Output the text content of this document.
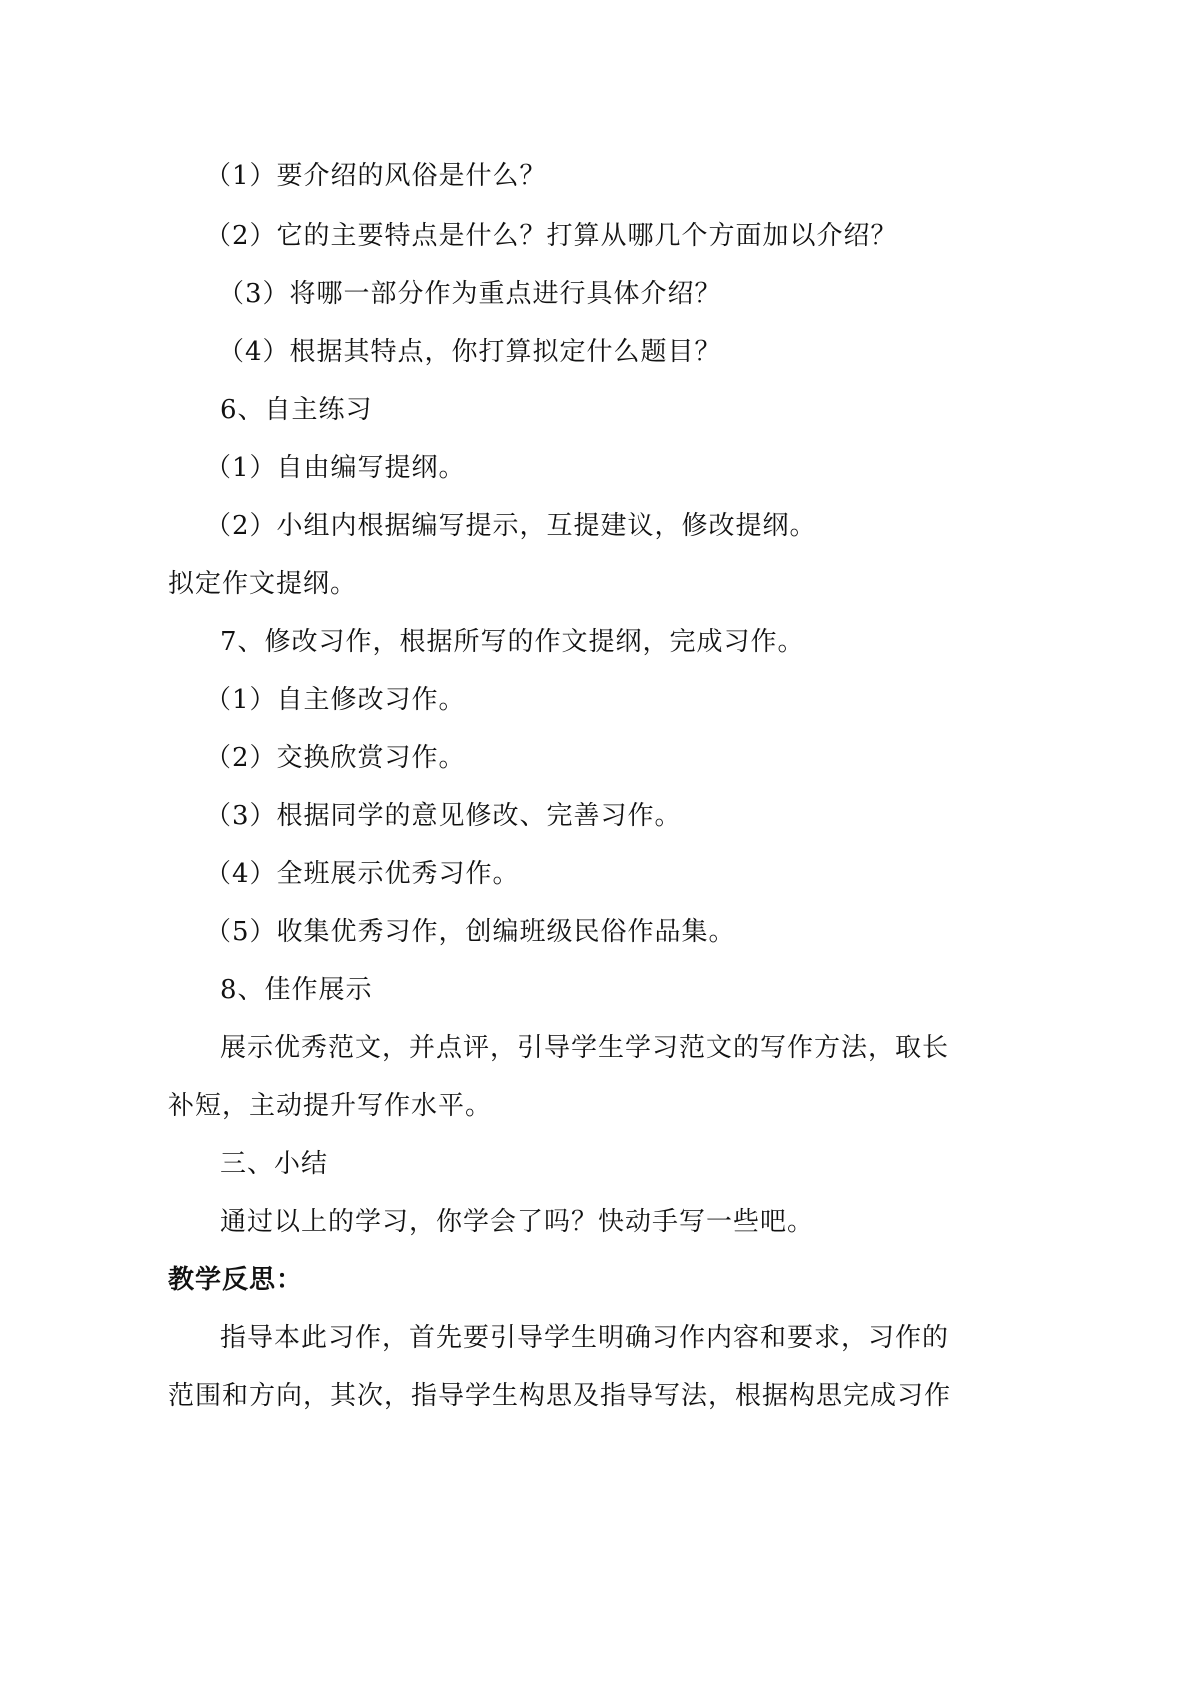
（1）要介绍的风俗是什么？
（2）它的主要特点是什么？打算从哪几个方面加以介绍？
（3）将哪一部分作为重点进行具体介绍？
（4）根据其特点，你打算拟定什么题目？
6、自主练习
（1）自由编写提纲。
（2）小组内根据编写提示，互提建议，修改提纲。
拟定作文提纲。
7、修改习作，根据所写的作文提纲，完成习作。
（1）自主修改习作。
（2）交换欣赏习作。
（3）根据同学的意见修改、完善习作。
（4）全班展示优秀习作。
（5）收集优秀习作，创编班级民俗作品集。
8、佳作展示
展示优秀范文，并点评，引导学生学习范文的写作方法，取长
补短，主动提升写作水平。
三、小结
通过以上的学习，你学会了吗？快动手写一些吧。
教学反思：
指导本此习作，首先要引导学生明确习作内容和要求，习作的
范围和方向，其次，指导学生构思及指导写法，根据构思完成习作
